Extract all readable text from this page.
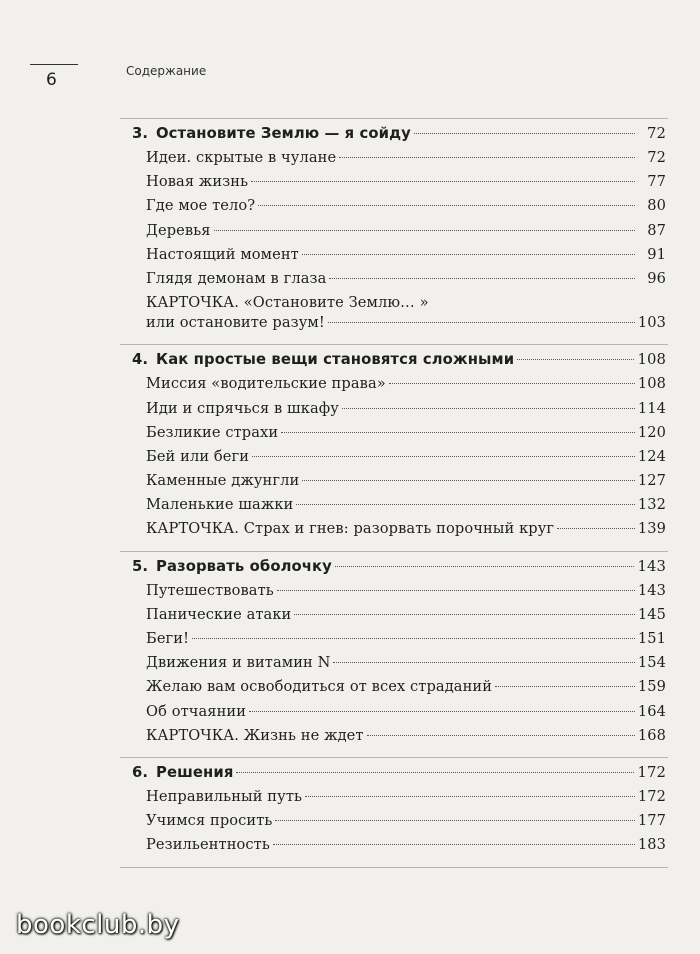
6	Содержание
3. Остановите Землю — я сойду	72
Идеи. скрытые в чулане	72
Новая жизнь	77
Где мое тело?	80
Деревья	87
Настоящий момент	91
Глядя демонам в глаза	96
КАРТОЧКА. «Остановите Землю… »
или остановите разум!	103
4. Как простые вещи становятся сложными	108
Миссия «водительские права»	108
Иди и спрячься в шкафу	114
Безликие страхи	120
Бей или беги	124
Каменные джунгли	127
Маленькие шажки	132
КАРТОЧКА. Страх и гнев: разорвать порочный круг	139
5. Разорвать оболочку	143
Путешествовать	143
Панические атаки	145
Беги!	151
Движения и витамин N	154
Желаю вам освободиться от всех страданий	159
Об отчаянии	164
КАРТОЧКА. Жизнь не ждет	168
6. Решения	172
Неправильный путь	172
Учимся просить	177
Резильентность	183
bookclub.by
